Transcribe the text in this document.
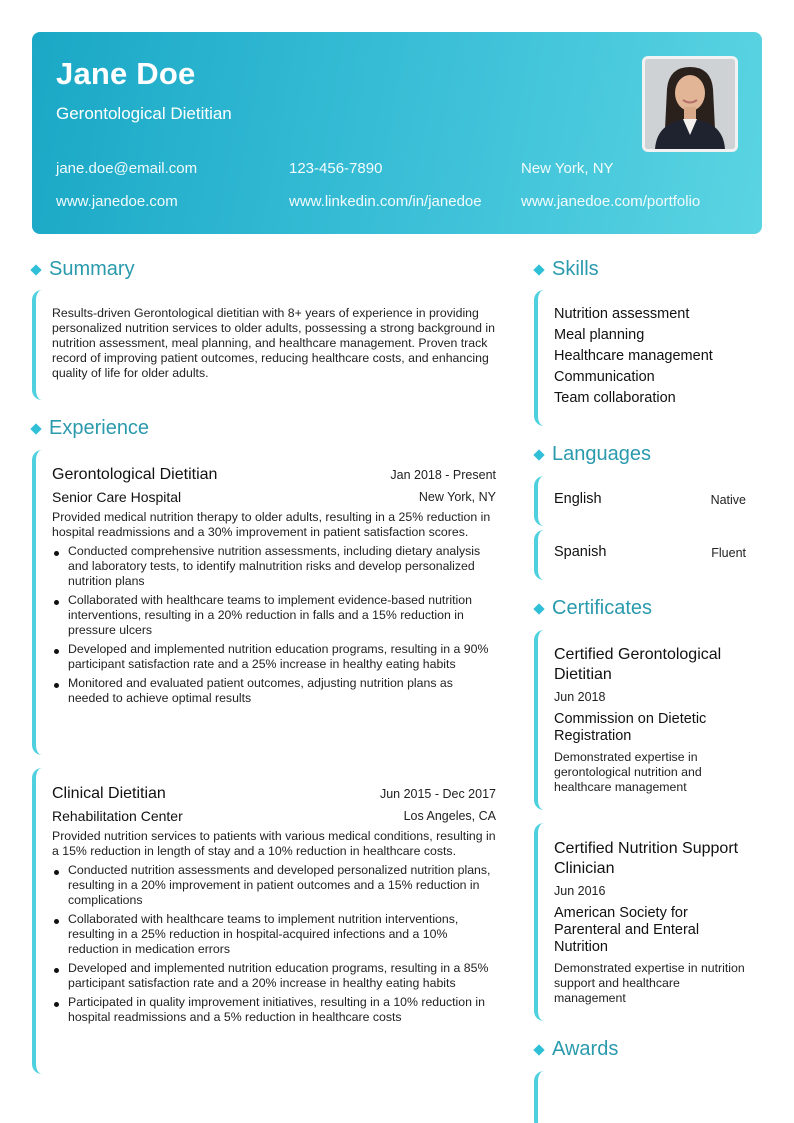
Jane Doe
Gerontological Dietitian
jane.doe@email.com	123-456-7890	New York, NY
www.janedoe.com	www.linkedin.com/in/janedoe	www.janedoe.com/portfolio
Summary
Results-driven Gerontological dietitian with 8+ years of experience in providing personalized nutrition services to older adults, possessing a strong background in nutrition assessment, meal planning, and healthcare management. Proven track record of improving patient outcomes, reducing healthcare costs, and enhancing quality of life for older adults.
Experience
Gerontological Dietitian	Jan 2018 - Present
Senior Care Hospital	New York, NY
Provided medical nutrition therapy to older adults, resulting in a 25% reduction in hospital readmissions and a 30% improvement in patient satisfaction scores.
Conducted comprehensive nutrition assessments, including dietary analysis and laboratory tests, to identify malnutrition risks and develop personalized nutrition plans
Collaborated with healthcare teams to implement evidence-based nutrition interventions, resulting in a 20% reduction in falls and a 15% reduction in pressure ulcers
Developed and implemented nutrition education programs, resulting in a 90% participant satisfaction rate and a 25% increase in healthy eating habits
Monitored and evaluated patient outcomes, adjusting nutrition plans as needed to achieve optimal results
Clinical Dietitian	Jun 2015 - Dec 2017
Rehabilitation Center	Los Angeles, CA
Provided nutrition services to patients with various medical conditions, resulting in a 15% reduction in length of stay and a 10% reduction in healthcare costs.
Conducted nutrition assessments and developed personalized nutrition plans, resulting in a 20% improvement in patient outcomes and a 15% reduction in complications
Collaborated with healthcare teams to implement nutrition interventions, resulting in a 25% reduction in hospital-acquired infections and a 10% reduction in medication errors
Developed and implemented nutrition education programs, resulting in a 85% participant satisfaction rate and a 20% increase in healthy eating habits
Participated in quality improvement initiatives, resulting in a 10% reduction in hospital readmissions and a 5% reduction in healthcare costs
Skills
Nutrition assessment
Meal planning
Healthcare management
Communication
Team collaboration
Languages
English	Native
Spanish	Fluent
Certificates
Certified Gerontological Dietitian
Jun 2018
Commission on Dietetic Registration
Demonstrated expertise in gerontological nutrition and healthcare management
Certified Nutrition Support Clinician
Jun 2016
American Society for Parenteral and Enteral Nutrition
Demonstrated expertise in nutrition support and healthcare management
Awards
